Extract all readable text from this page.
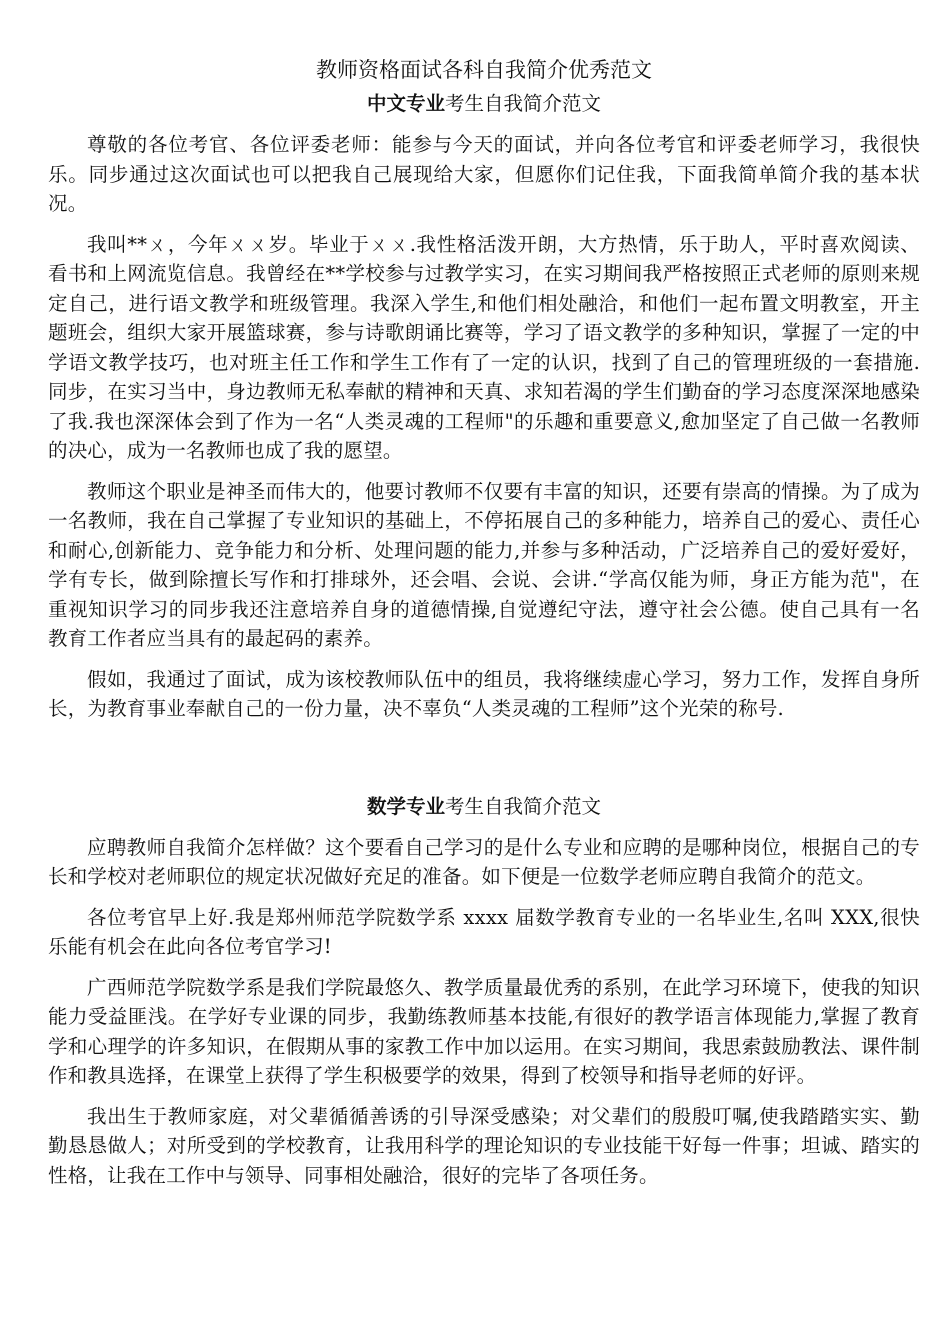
教师资格面试各科自我简介优秀范文
中文专业考生自我简介范文

尊敬的各位考官、各位评委老师：能参与今天的面试，并向各位考官和评委老师学习，我很快乐。同步通过这次面试也可以把我自己展现给大家，但愿你们记住我，下面我简单简介我的基本状况。

我叫**ㄨ，今年ㄨㄨ岁。毕业于ㄨㄨ.我性格活泼开朗，大方热情，乐于助人，平时喜欢阅读、看书和上网流览信息。我曾经在**学校参与过教学实习，在实习期间我严格按照正式老师的原则来规定自己，进行语文教学和班级管理。我深入学生,和他们相处融洽，和他们一起布置文明教室，开主题班会，组织大家开展篮球赛，参与诗歌朗诵比赛等，学习了语文教学的多种知识，掌握了一定的中学语文教学技巧，也对班主任工作和学生工作有了一定的认识，找到了自己的管理班级的一套措施.同步，在实习当中，身边教师无私奉献的精神和天真、求知若渴的学生们勤奋的学习态度深深地感染了我.我也深深体会到了作为一名“人类灵魂的工程师"的乐趣和重要意义,愈加坚定了自己做一名教师的决心，成为一名教师也成了我的愿望。

教师这个职业是神圣而伟大的，他要讨教师不仅要有丰富的知识，还要有崇高的情操。为了成为一名教师，我在自己掌握了专业知识的基础上，不停拓展自己的多种能力，培养自己的爱心、责任心和耐心,创新能力、竞争能力和分析、处理问题的能力,并参与多种活动，广泛培养自己的爱好爱好，学有专长，做到除擅长写作和打排球外，还会唱、会说、会讲.“学高仅能为师，身正方能为范"，在重视知识学习的同步我还注意培养自身的道德情操,自觉遵纪守法，遵守社会公德。使自己具有一名教育工作者应当具有的最起码的素养。

假如，我通过了面试，成为该校教师队伍中的组员，我将继续虚心学习，努力工作，发挥自身所长，为教育事业奉献自己的一份力量，决不辜负“人类灵魂的工程师”这个光荣的称号.

数学专业考生自我简介范文

应聘教师自我简介怎样做？这个要看自己学习的是什么专业和应聘的是哪种岗位，根据自己的专长和学校对老师职位的规定状况做好充足的准备。如下便是一位数学老师应聘自我简介的范文。

各位考官早上好.我是郑州师范学院数学系 xxxx 届数学教育专业的一名毕业生,名叫 XXX,很快乐能有机会在此向各位考官学习!

广西师范学院数学系是我们学院最悠久、教学质量最优秀的系别，在此学习环境下，使我的知识能力受益匪浅。在学好专业课的同步，我勤练教师基本技能,有很好的教学语言体现能力,掌握了教育学和心理学的许多知识，在假期从事的家教工作中加以运用。在实习期间，我思索鼓励教法、课件制作和教具选择，在课堂上获得了学生积极要学的效果，得到了校领导和指导老师的好评。

我出生于教师家庭，对父辈循循善诱的引导深受感染；对父辈们的殷殷叮嘱,使我踏踏实实、勤勤恳恳做人；对所受到的学校教育，让我用科学的理论知识的专业技能干好每一件事；坦诚、踏实的性格，让我在工作中与领导、同事相处融洽，很好的完毕了各项任务。
